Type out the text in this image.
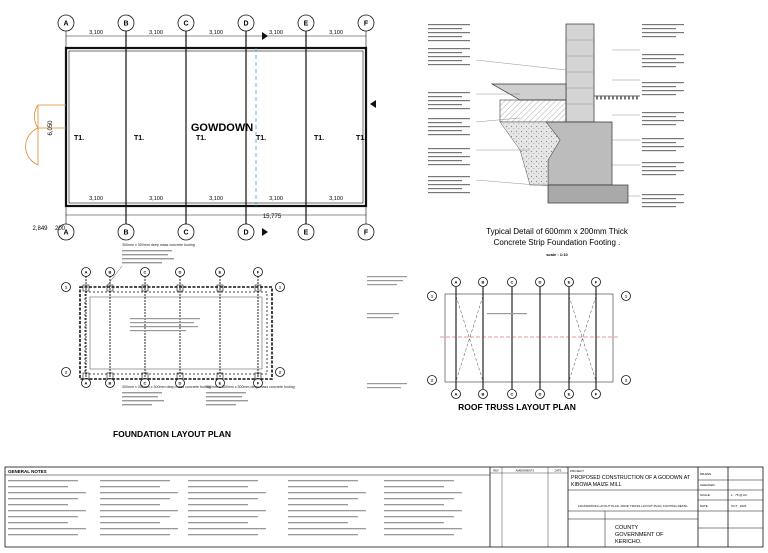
A	B	C	D	E	F
A	B	C	D	E	F
3,100	3,100	3,100	3,100	3,100
3,100	3,100	3,100	3,100	3,100
GOWDOWN
T1.	T1.	T1.	T1.	T1.	T1.
6,050
2,849 200
15,775
Typical Detail of 600mm x 200mm Thick
Concrete Strip Foundation Footing .
scale : 1:10
A
A
B
B
C
C
D
D
E
E
F
F
1
2
1
2
300mm x 300mm deep mass concrete footing
300mm x 300mm x 300mm deep mass concrete footing
300mm x 300mm x 300mm deep mass concrete footing
FOUNDATION LAYOUT PLAN
A
A
B
B
C
C
D
D
E
E
F
F
1
2
1
2
ROOF TRUSS LAYOUT PLAN
GENERAL NOTES	REV	AMENDMENTS	DATE	PROJECT
PROPOSED CONSTRUCTION OF A GODOWN AT
KIBOWA MAIZE MILL
FOUNDATION LAYOUT PLAN, ROOF TRUSS LAYOUT PLAN, FOOTING DETAIL
COUNTY
GOVERNMENT OF
KERICHO.
DRAWN
CHECKED
SCALE	1 : 75 @ A3
DATE	OCT , 2024
